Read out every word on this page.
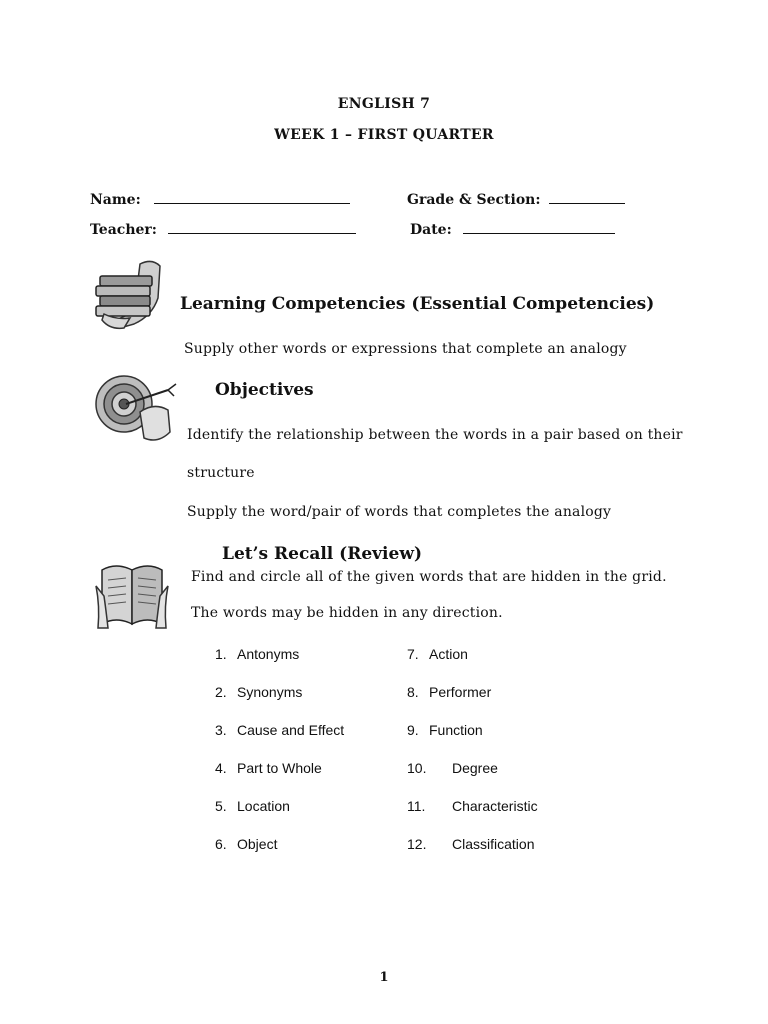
ENGLISH 7
WEEK 1 – FIRST QUARTER
Name:	Grade & Section:
Teacher:	Date:
Learning Competencies (Essential Competencies)
Supply other words or expressions that complete an analogy
Objectives
Identify the relationship between the words in a pair based on their
structure
Supply the word/pair of words that completes the analogy
Let’s Recall (Review)
Find and circle all of the given words that are hidden in the grid.
The words may be hidden in any direction.
1. Antonyms
2. Synonyms
3. Cause and Effect
4. Part to Whole
5. Location
6. Object
7. Action
8. Performer
9. Function
10. Degree
11. Characteristic
12. Classification
1
